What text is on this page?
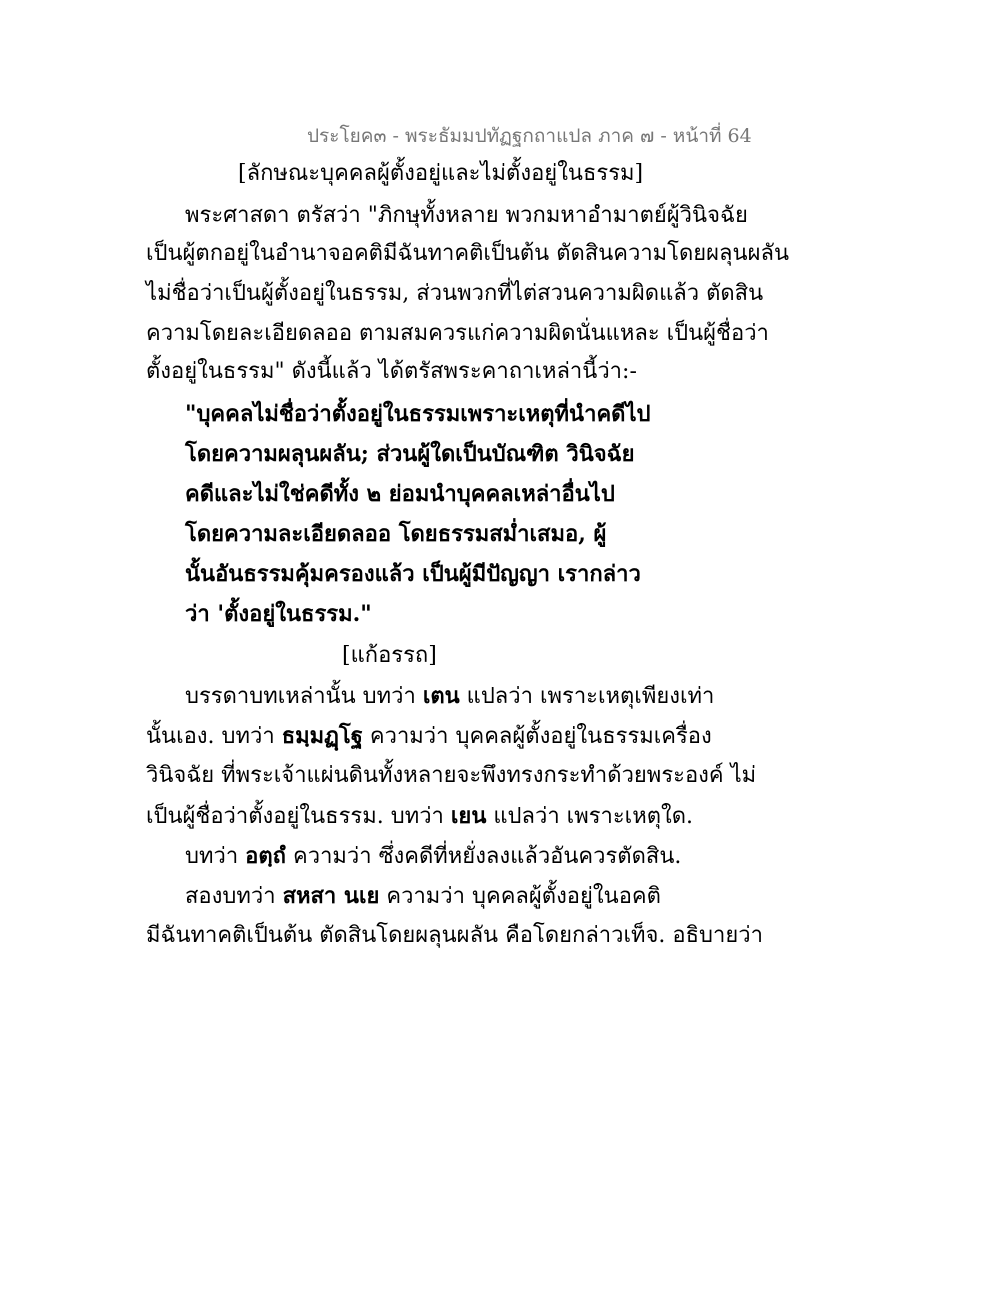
ประโยค๓ - พระธัมมปทัฏฐกถาแปล ภาค ๗ - หน้าที่ 64
[ลักษณะบุคคลผู้ตั้งอยู่และไม่ตั้งอยู่ในธรรม]
พระศาสดา ตรัสว่า "ภิกษุทั้งหลาย พวกมหาอำมาตย์ผู้วินิจฉัย
เป็นผู้ตกอยู่ในอำนาจอคติมีฉันทาคติเป็นต้น ตัดสินความโดยผลุนผลัน
ไม่ชื่อว่าเป็นผู้ตั้งอยู่ในธรรม, ส่วนพวกที่ไต่สวนความผิดแล้ว ตัดสิน
ความโดยละเอียดลออ ตามสมควรแก่ความผิดนั่นแหละ เป็นผู้ชื่อว่า
ตั้งอยู่ในธรรม" ดังนี้แล้ว ได้ตรัสพระคาถาเหล่านี้ว่า:-
"บุคคลไม่ชื่อว่าตั้งอยู่ในธรรมเพราะเหตุที่นำคดีไป
โดยความผลุนผลัน; ส่วนผู้ใดเป็นบัณฑิต วินิจฉัย
คดีและไม่ใช่คดีทั้ง ๒ ย่อมนำบุคคลเหล่าอื่นไป
โดยความละเอียดลออ โดยธรรมสม่ำเสมอ, ผู้
นั้นอันธรรมคุ้มครองแล้ว เป็นผู้มีปัญญา เรากล่าว
ว่า 'ตั้งอยู่ในธรรม."
[แก้อรรถ]
บรรดาบทเหล่านั้น บทว่า เตน แปลว่า เพราะเหตุเพียงเท่า
นั้นเอง. บทว่า ธมฺมฏฺโฐ ความว่า บุคคลผู้ตั้งอยู่ในธรรมเครื่อง
วินิจฉัย ที่พระเจ้าแผ่นดินทั้งหลายจะพึงทรงกระทำด้วยพระองค์ ไม่
เป็นผู้ชื่อว่าตั้งอยู่ในธรรม. บทว่า เยน แปลว่า เพราะเหตุใด.
บทว่า อตฺถํ ความว่า ซึ่งคดีที่หยั่งลงแล้วอันควรตัดสิน.
สองบทว่า สหสา นเย ความว่า บุคคลผู้ตั้งอยู่ในอคติ
มีฉันทาคติเป็นต้น ตัดสินโดยผลุนผลัน คือโดยกล่าวเท็จ. อธิบายว่า
